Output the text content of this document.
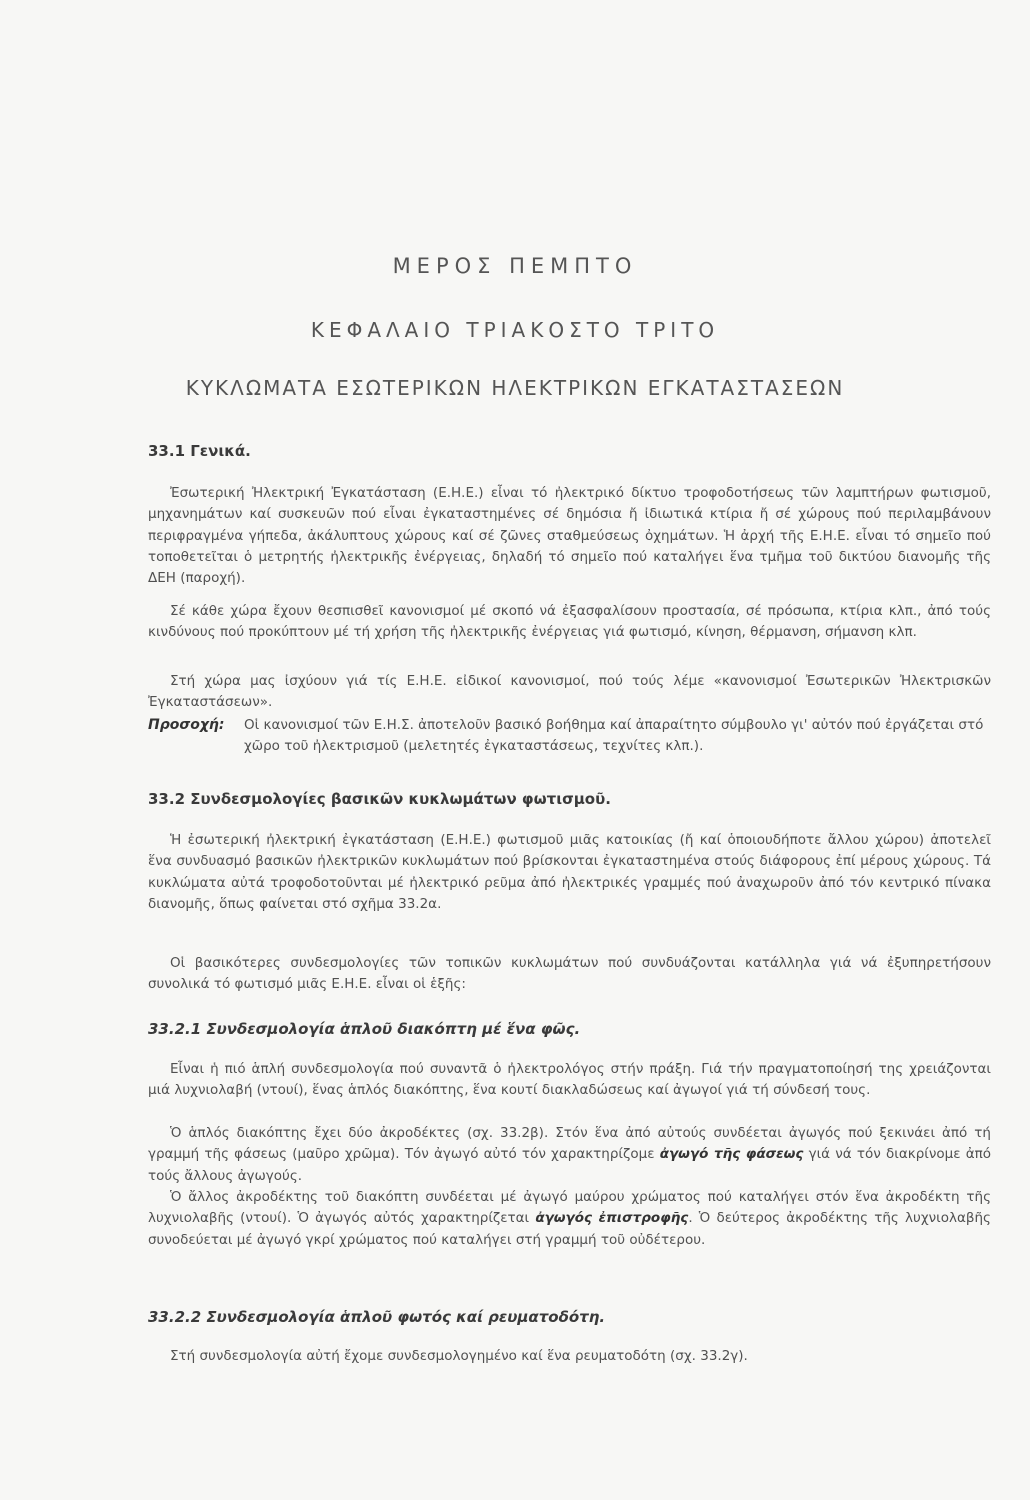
ΜΕΡΟΣ ΠΕΜΠΤΟ
ΚΕΦΑΛΑΙΟ ΤΡΙΑΚΟΣΤΟ ΤΡΙΤΟ
ΚΥΚΛΩΜΑΤΑ ΕΣΩΤΕΡΙΚΩΝ ΗΛΕΚΤΡΙΚΩΝ ΕΓΚΑΤΑΣΤΑΣΕΩΝ
33.1 Γενικά.

Ἐσωτερική Ἠλεκτρική Ἐγκατάσταση (Ε.Η.Ε.) εἶναι τό ἠλεκτρικό δίκτυο τροφοδοτήσεως τῶν λαμπτήρων φωτισμοῦ, μηχανημάτων καί συσκευῶν πού εἶναι ἐγκαταστημένες σέ δημόσια ἤ ἰδιωτικά κτίρια ἤ σέ χώρους πού περιλαμβάνουν περιφραγμένα γήπεδα, ἀκάλυπτους χώρους καί σέ ζῶνες σταθμεύσεως ὀχημάτων. Ἡ ἀρχή τῆς Ε.Η.Ε. εἶναι τό σημεῖο πού τοποθετεῖται ὁ μετρητής ἠλεκτρικῆς ἐνέργειας, δηλαδή τό σημεῖο πού καταλήγει ἕνα τμῆμα τοῦ δικτύου διανομῆς τῆς ΔΕΗ (παροχή).

Σέ κάθε χώρα ἔχουν θεσπισθεῖ κανονισμοί μέ σκοπό νά ἐξασφαλίσουν προστασία, σέ πρόσωπα, κτίρια κλπ., ἀπό τούς κινδύνους πού προκύπτουν μέ τή χρήση τῆς ἠλεκτρικῆς ἐνέργειας γιά φωτισμό, κίνηση, θέρμανση, σήμανση κλπ.

Στή χώρα μας ἰσχύουν γιά τίς Ε.Η.Ε. εἰδικοί κανονισμοί, πού τούς λέμε «κανονισμοί Ἐσωτερικῶν Ἠλεκτρισκῶν Ἐγκαταστάσεων».

Προσοχή: Οἱ κανονισμοί τῶν Ε.Η.Σ. ἀποτελοῦν βασικό βοήθημα καί ἀπαραίτητο σύμβουλο γι' αὐτόν πού ἐργάζεται στό χῶρο τοῦ ἠλεκτρισμοῦ (μελετητές ἐγκαταστάσεως, τεχνίτες κλπ.).
33.2 Συνδεσμολογίες βασικῶν κυκλωμάτων φωτισμοῦ.

Ἡ ἐσωτερική ἠλεκτρική ἐγκατάσταση (Ε.Η.Ε.) φωτισμοῦ μιᾶς κατοικίας (ἤ καί ὁποιουδήποτε ἄλλου χώρου) ἀποτελεῖ ἕνα συνδυασμό βασικῶν ἠλεκτρικῶν κυκλωμάτων πού βρίσκονται ἐγκαταστημένα στούς διάφορους ἐπί μέρους χώρους. Τά κυκλώματα αὐτά τροφοδοτοῦνται μέ ἠλεκτρικό ρεῦμα ἀπό ἠλεκτρικές γραμμές πού ἀναχωροῦν ἀπό τόν κεντρικό πίνακα διανομῆς, ὅπως φαίνεται στό σχῆμα 33.2α.

Οἱ βασικότερες συνδεσμολογίες τῶν τοπικῶν κυκλωμάτων πού συνδυάζονται κατάλληλα γιά νά ἐξυπηρετήσουν συνολικά τό φωτισμό μιᾶς Ε.Η.Ε. εἶναι οἱ ἑξῆς:

33.2.1 Συνδεσμολογία ἁπλοῦ διακόπτη μέ ἕνα φῶς.

Εἶναι ἡ πιό ἁπλή συνδεσμολογία πού συναντᾶ ὁ ἠλεκτρολόγος στήν πράξη. Γιά τήν πραγματοποίησή της χρειάζονται μιά λυχνιολαβή (ντουί), ἕνας ἁπλός διακόπτης, ἕνα κουτί διακλαδώσεως καί ἀγωγοί γιά τή σύνδεσή τους.

Ὁ ἁπλός διακόπτης ἔχει δύο ἀκροδέκτες (σχ. 33.2β). Στόν ἕνα ἀπό αὐτούς συνδέεται ἀγωγός πού ξεκινάει ἀπό τή γραμμή τῆς φάσεως (μαῦρο χρῶμα). Τόν ἀγωγό αὐτό τόν χαρακτηρίζομε ἀγωγό τῆς φάσεως γιά νά τόν διακρίνομε ἀπό τούς ἄλλους ἀγωγούς.

Ὁ ἄλλος ἀκροδέκτης τοῦ διακόπτη συνδέεται μέ ἀγωγό μαύρου χρώματος πού καταλήγει στόν ἕνα ἀκροδέκτη τῆς λυχνιολαβῆς (ντουί). Ὁ ἀγωγός αὐτός χαρακτηρίζεται ἀγωγός ἐπιστροφῆς. Ὁ δεύτερος ἀκροδέκτης τῆς λυχνιολαβῆς συνοδεύεται μέ ἀγωγό γκρί χρώματος πού καταλήγει στή γραμμή τοῦ οὐδέτερου.

33.2.2 Συνδεσμολογία ἁπλοῦ φωτός καί ρευματοδότη.

Στή συνδεσμολογία αὐτή ἔχομε συνδεσμολογημένο καί ἕνα ρευματοδότη (σχ. 33.2γ).
